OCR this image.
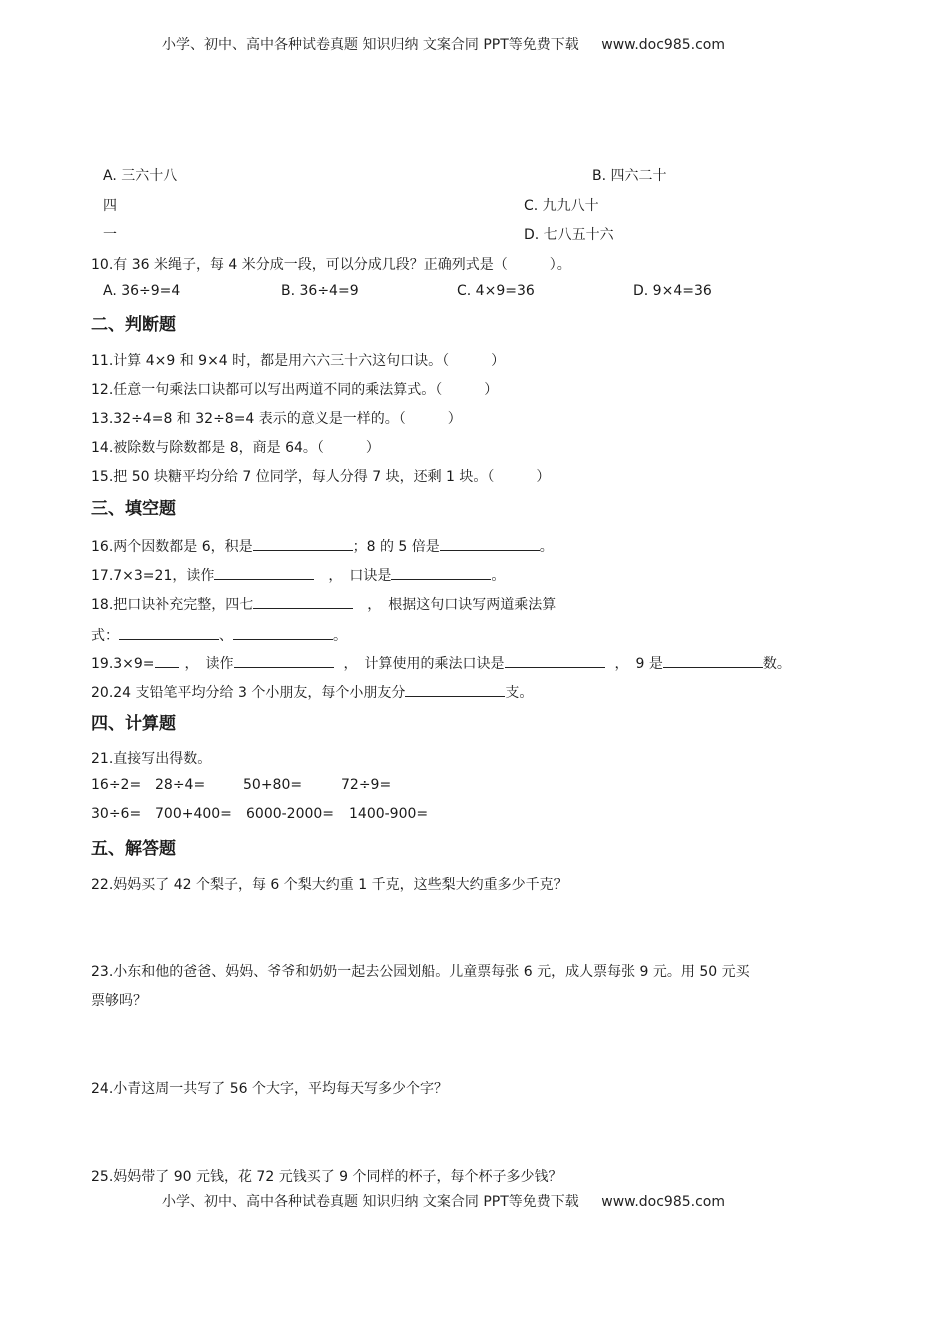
小学、初中、高中各种试卷真题 知识归纳 文案合同 PPT等免费下载 www.doc985.com
A. 三六十八	B. 四六二十
四	C. 九九八十
一	D. 七八五十六
10.有 36 米绳子，每 4 米分成一段，可以分成几段？正确列式是（　　　）。
A. 36÷9=4	B. 36÷4=9	C. 4×9=36	D. 9×4=36
二、判断题
11.计算 4×9 和 9×4 时，都是用六六三十六这句口诀。（　　　）
12.任意一句乘法口诀都可以写出两道不同的乘法算式。（　　　）
13.32÷4=8 和 32÷8=4 表示的意义是一样的。（　　　）
14.被除数与除数都是 8，商是 64。（　　　）
15.把 50 块糖平均分给 7 位同学，每人分得 7 块，还剩 1 块。（　　　）
三、填空题
16.两个因数都是 6，积是	；8 的 5 倍是	。
17.7×3=21，读作	，　口诀是	。
18.把口诀补充完整，四七	，　根据这句口诀写两道乘法算
式：	、	。
19.3×9= ，　读作	，　计算使用的乘法口诀是	，　9 是	数。
20.24 支铅笔平均分给 3 个小朋友，每个小朋友分	支。
四、计算题
21.直接写出得数。
16÷2= 28÷4=	50+80=	72÷9=
30÷6= 700+400= 6000-2000= 1400-900=
五、解答题
22.妈妈买了 42 个梨子，每 6 个梨大约重 1 千克，这些梨大约重多少千克？
23.小东和他的爸爸、妈妈、爷爷和奶奶一起去公园划船。儿童票每张 6 元，成人票每张 9 元。用 50 元买
票够吗？
24.小青这周一共写了 56 个大字，平均每天写多少个字？
25.妈妈带了 90 元钱，花 72 元钱买了 9 个同样的杯子，每个杯子多少钱？
小学、初中、高中各种试卷真题 知识归纳 文案合同 PPT等免费下载 www.doc985.com
